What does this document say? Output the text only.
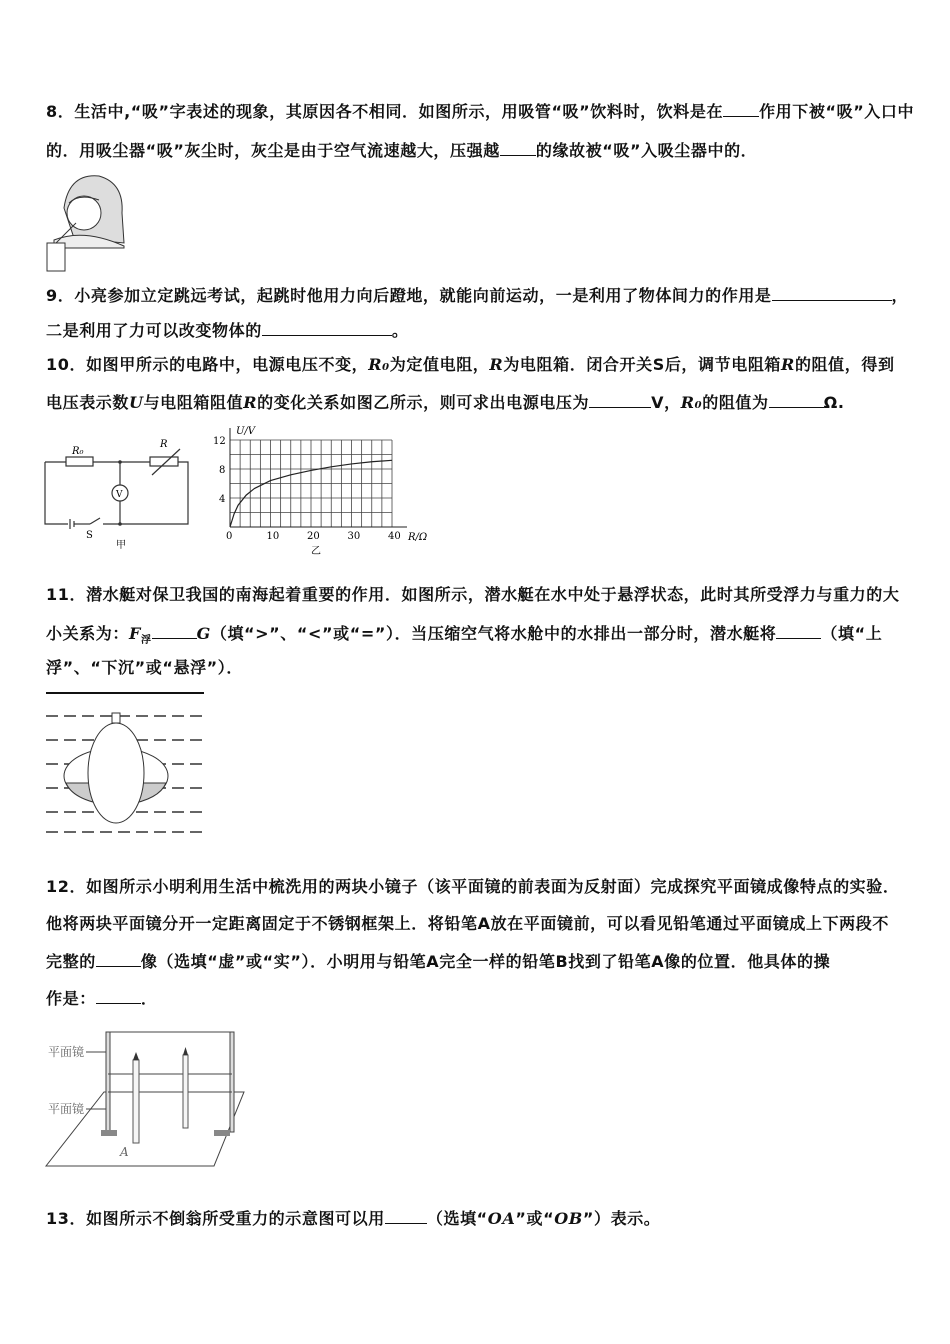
8．生活中,“吸”字表述的现象，其原因各不相同．如图所示，用吸管“吸”饮料时，饮料是在 作用下被“吸”入口中
的．用吸尘器“吸”灰尘时，灰尘是由于空气流速越大，压强越 的缘故被“吸”入吸尘器中的．
9．小亮参加立定跳远考试，起跳时他用力向后蹬地，就能向前运动，一是利用了物体间力的作用是	，
二是利用了力可以改变物体的	。
10．如图甲所示的电路中，电源电压不变，R₀为定值电阻，R为电阻箱．闭合开关S后，调节电阻箱R的阻值，得到
电压表示数U与电阻箱阻值R的变化关系如图乙所示，则可求出电源电压为	V，R₀的阻值为	Ω.
R₀
R
V
S
甲
0	10	20	30	40
4
8
12
R/Ω
U/V
乙
11．潜水艇对保卫我国的南海起着重要的作用．如图所示，潜水艇在水中处于悬浮状态，此时其所受浮力与重力的大
小关系为：$F_浮$	G（填“>”、“<”或“=”）．当压缩空气将水舱中的水排出一部分时，潜水艇将	（填“上
浮”、“下沉”或“悬浮”）．
12．如图所示小明利用生活中梳洗用的两块小镜子（该平面镜的前表面为反射面）完成探究平面镜成像特点的实验．
他将两块平面镜分开一定距离固定于不锈钢框架上．将铅笔A放在平面镜前，可以看见铅笔通过平面镜成上下两段不
完整的	像（选填“虚”或“实”）．小明用与铅笔A完全一样的铅笔B找到了铅笔A像的位置．他具体的操
作是：	．
平面镜
平面镜
A
13．如图所示不倒翁所受重力的示意图可以用	（选填“OA”或“OB”）表示。
